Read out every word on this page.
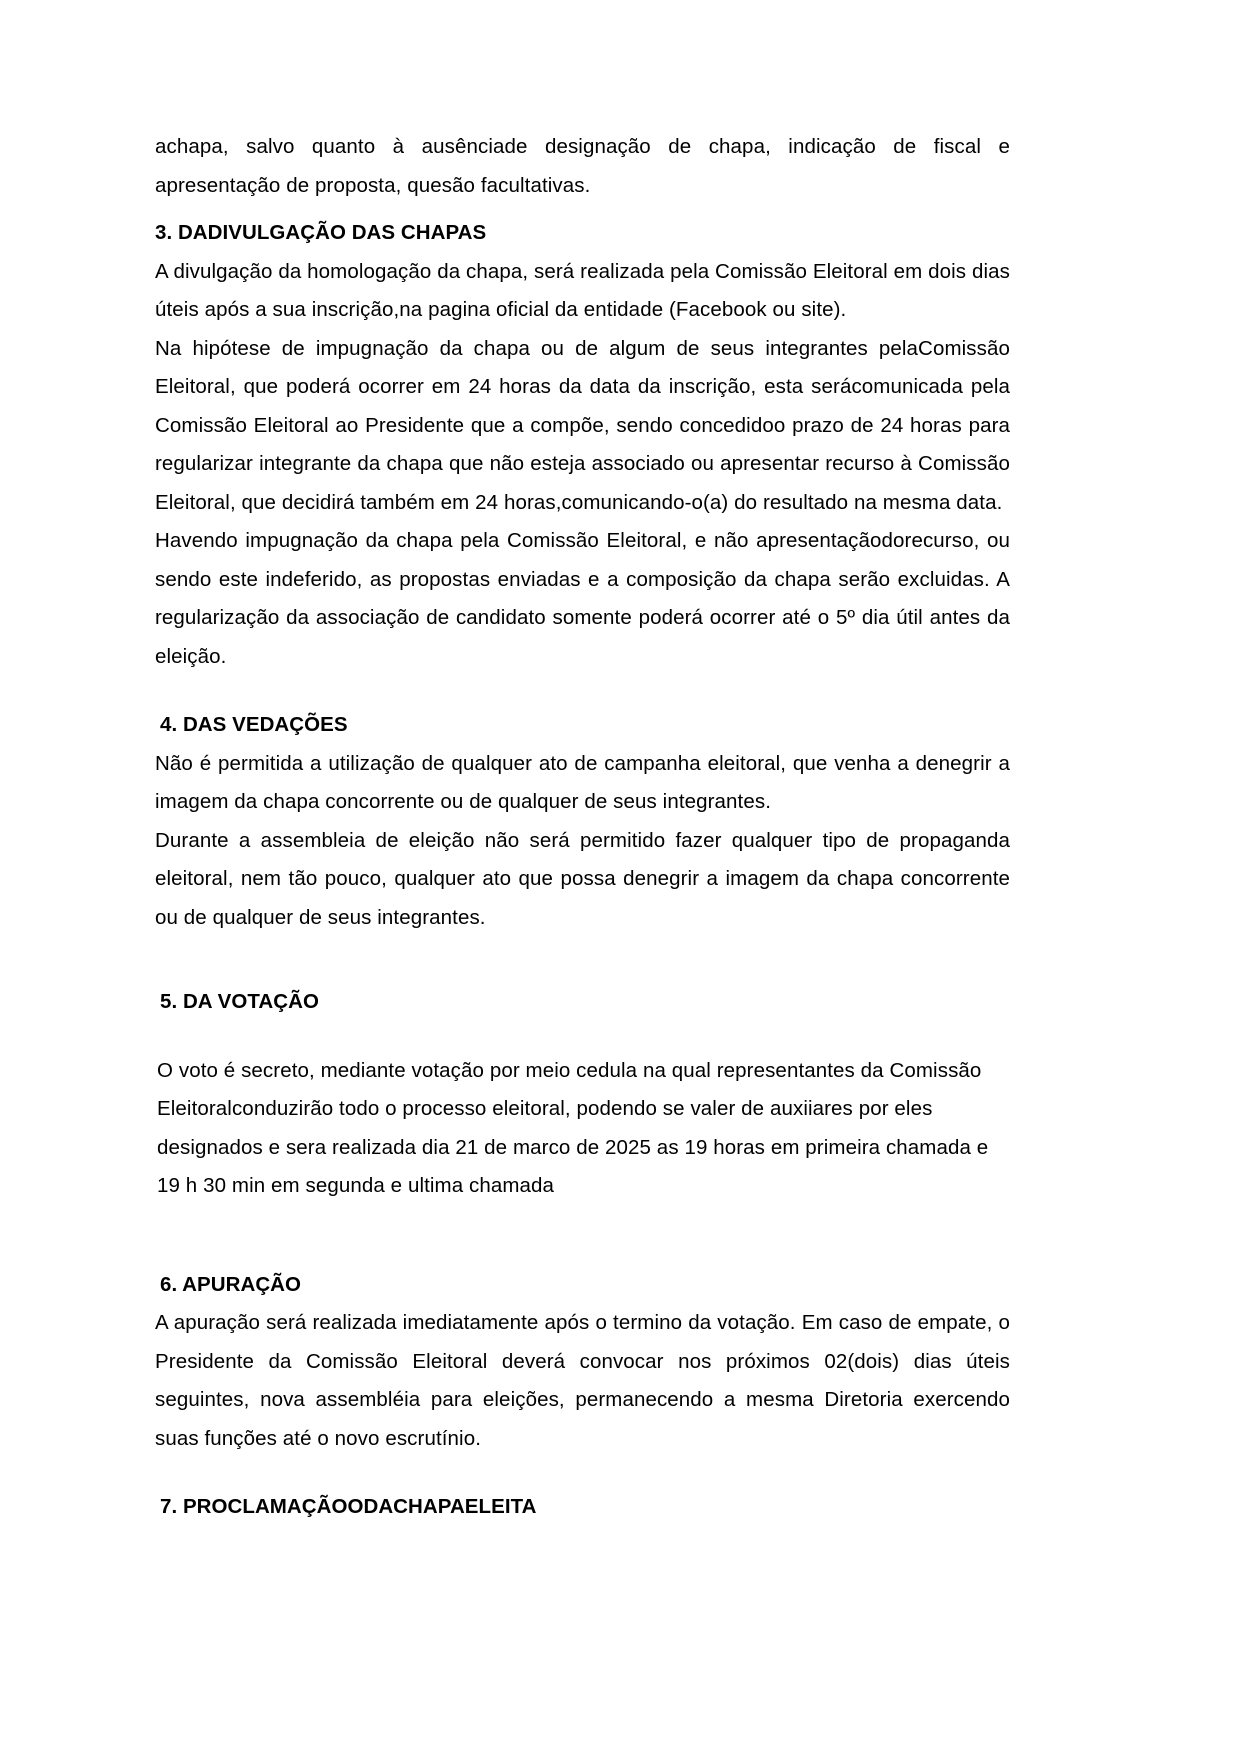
achapa, salvo quanto à ausênciade designação de chapa, indicação de fiscal e apresentação de proposta, quesão facultativas.

3. DADIVULGAÇÃO DAS CHAPAS

A divulgação da homologação da chapa, será realizada pela Comissão Eleitoral em dois dias úteis após a sua inscrição,na pagina oficial da entidade (Facebook ou site).

Na hipótese de impugnação da chapa ou de algum de seus integrantes pelaComissão Eleitoral, que poderá ocorrer em 24 horas da data da inscrição, esta serácomunicada pela Comissão Eleitoral ao Presidente que a compõe, sendo concedidoo prazo de 24 horas para regularizar integrante da chapa que não esteja associado ou apresentar recurso à Comissão Eleitoral, que decidirá também em 24 horas,comunicando-o(a) do resultado na mesma data.

Havendo impugnação da chapa pela Comissão Eleitoral, e não apresentaçãodorecurso, ou sendo este indeferido, as propostas enviadas e a composição da chapa serão excluidas. A regularização da associação de candidato somente poderá ocorrer até o 5º dia útil antes da eleição.

4. DAS VEDAÇÕES

Não é permitida a utilização de qualquer ato de campanha eleitoral, que venha a denegrir a imagem da chapa concorrente ou de qualquer de seus integrantes.

Durante a assembleia de eleição não será permitido fazer qualquer tipo de propaganda eleitoral, nem tão pouco, qualquer ato que possa denegrir a imagem da chapa concorrente ou de qualquer de seus integrantes.

5. DA VOTAÇÃO

O voto é secreto, mediante votação por meio cedula na qual representantes da Comissão Eleitoralconduzirão todo o processo eleitoral, podendo se valer de auxiiares por eles designados e sera realizada dia 21 de marco de 2025 as 19 horas em primeira chamada e 19 h 30 min em segunda e ultima chamada

6. APURAÇÃO

A apuração será realizada imediatamente após o termino da votação. Em caso de empate, o Presidente da Comissão Eleitoral deverá convocar nos próximos 02(dois) dias úteis seguintes, nova assembléia para eleições, permanecendo a mesma Diretoria exercendo suas funções até o novo escrutínio.

7. PROCLAMAÇÃOODACHAPAELEITA
